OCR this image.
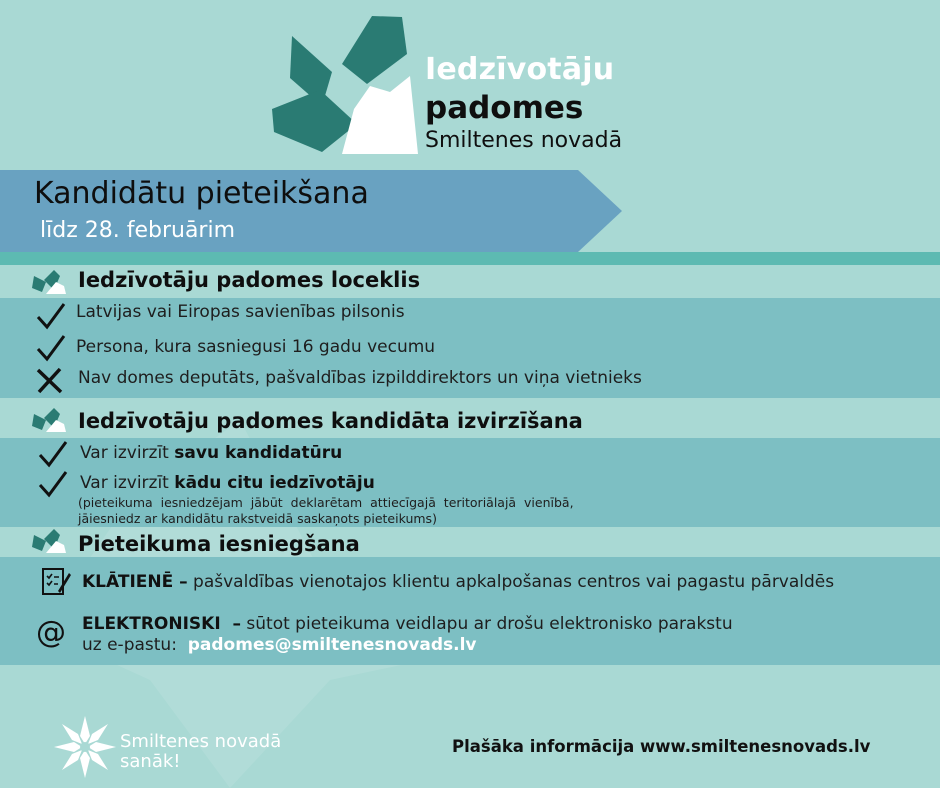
Iedzīvotāju
padomes
Smiltenes novadā
Kandidātu pieteikšana
līdz 28. februārim
Iedzīvotāju padomes loceklis
Latvijas vai Eiropas savienības pilsonis
Persona, kura sasniegusi 16 gadu vecumu
Nav domes deputāts, pašvaldības izpilddirektors un viņa vietnieks
Iedzīvotāju padomes kandidāta izvirzīšana
Var izvirzīt savu kandidatūru
Var izvirzīt kādu citu iedzīvotāju
(pieteikuma  iesniedzējam  jābūt  deklarētam  attiecīgajā  teritoriālajā  vienībā,
jāiesniedz ar kandidātu rakstveidā saskaņots pieteikums)
Pieteikuma iesniegšana
KLĀTIENĒ – pašvaldības vienotajos klientu apkalpošanas centros vai pagastu pārvaldēs
@ ELEKTRONISKI  – sūtot pieteikuma veidlapu ar drošu elektronisko parakstu
uz e-pastu:  padomes@smiltenesnovads.lv
Smiltenes novadā
sanāk!
Plašāka informācija www.smiltenesnovads.lv
